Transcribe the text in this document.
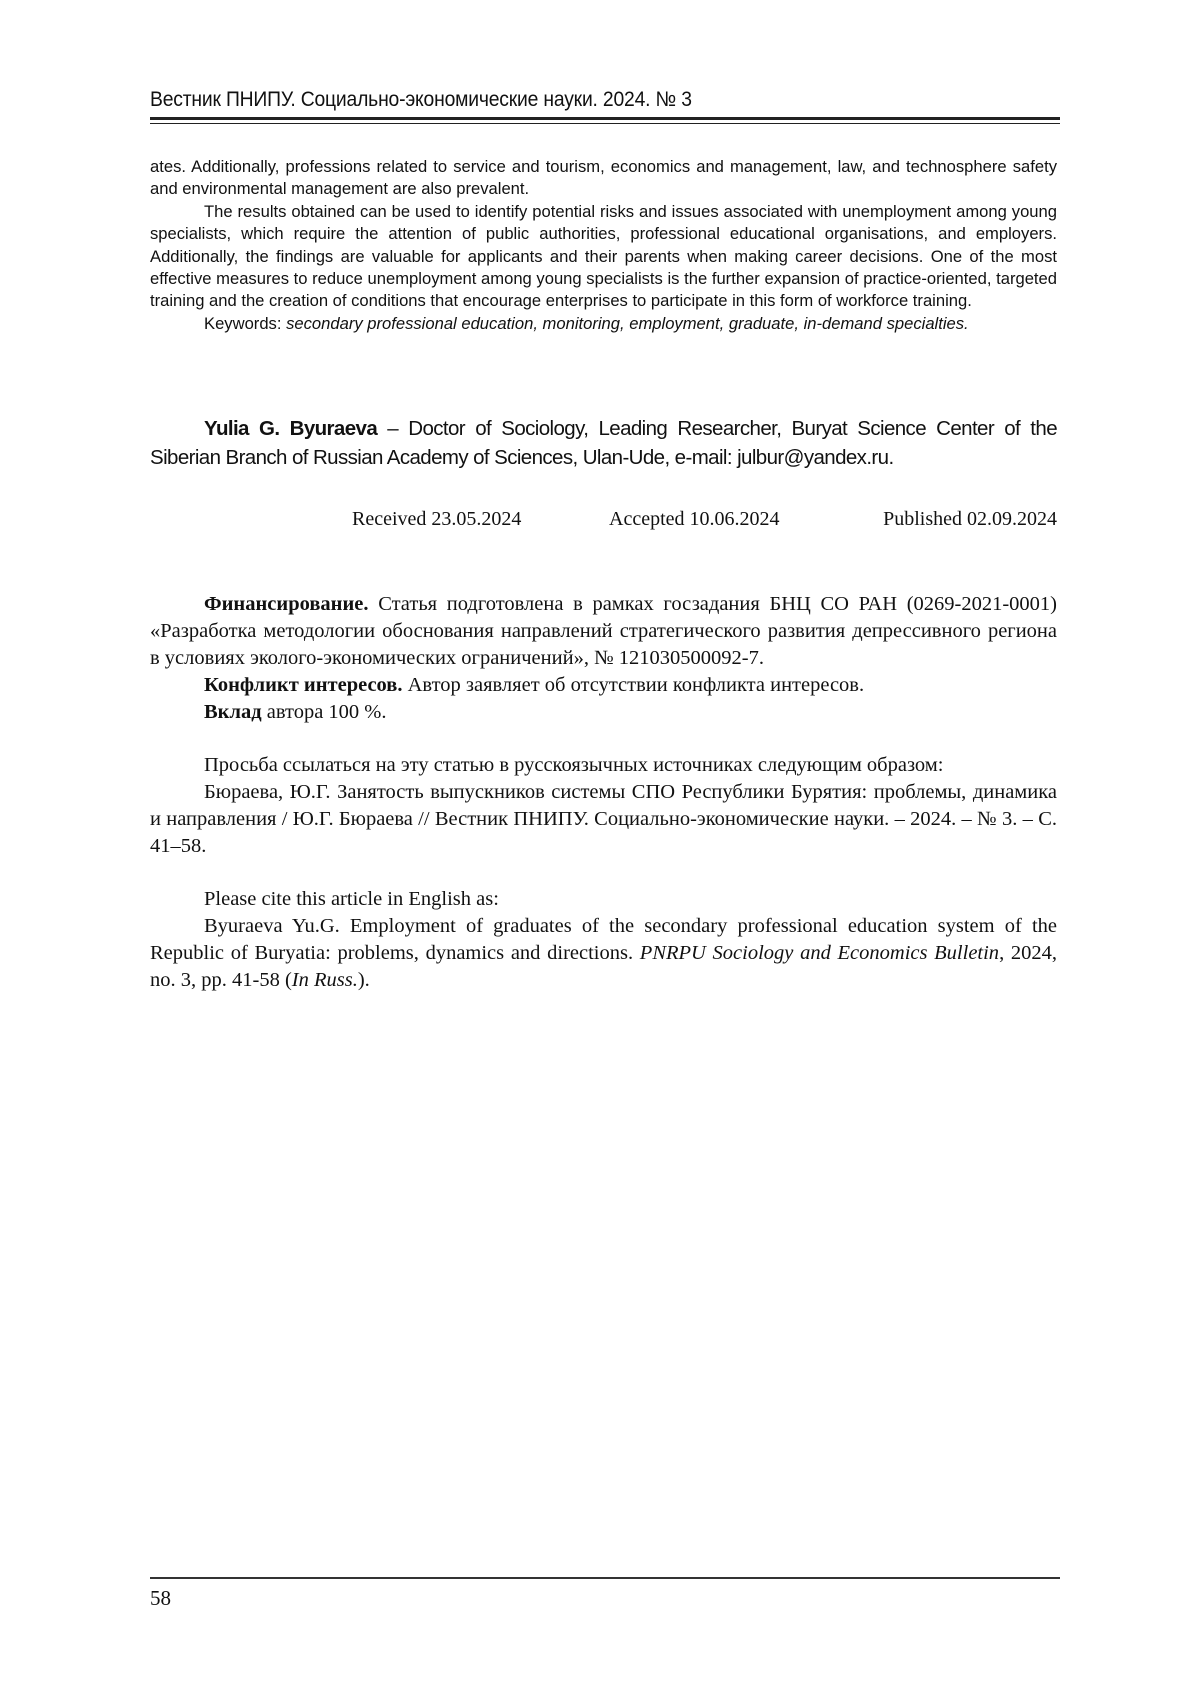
Вестник ПНИПУ. Социально-экономические науки. 2024. № 3

ates. Additionally, professions related to service and tourism, economics and management, law, and technosphere safety and environmental management are also prevalent.

The results obtained can be used to identify potential risks and issues associated with unemployment among young specialists, which require the attention of public authorities, professional educational organisations, and employers. Additionally, the findings are valuable for applicants and their parents when making career decisions. One of the most effective measures to reduce unemployment among young specialists is the further expansion of practice-oriented, targeted training and the creation of conditions that encourage enterprises to participate in this form of workforce training.

Keywords: secondary professional education, monitoring, employment, graduate, in-demand specialties.

Yulia G. Byuraeva – Doctor of Sociology, Leading Researcher, Buryat Science Center of the Siberian Branch of Russian Academy of Sciences, Ulan-Ude, e-mail: julbur@yandex.ru.
Received 23.05.2024	Accepted 10.06.2024	Published 02.09.2024

Финансирование. Статья подготовлена в рамках госзадания БНЦ СО РАН (0269-2021-0001) «Разработка методологии обоснования направлений стратегического развития депрессивного региона в условиях эколого-экономических ограничений», № 121030500092-7.

Конфликт интересов. Автор заявляет об отсутствии конфликта интересов.

Вклад автора 100 %.

Просьба ссылаться на эту статью в русскоязычных источниках следующим образом:

Бюраева, Ю.Г. Занятость выпускников системы СПО Республики Бурятия: проблемы, динамика и направления / Ю.Г. Бюраева // Вестник ПНИПУ. Социально-экономические науки. – 2024. – № 3. – С. 41–58.

Please cite this article in English as:

Byuraeva Yu.G. Employment of graduates of the secondary professional education system of the Republic of Buryatia: problems, dynamics and directions. PNRPU Sociology and Economics Bulletin, 2024, no. 3, pp. 41-58 (In Russ.).

58
